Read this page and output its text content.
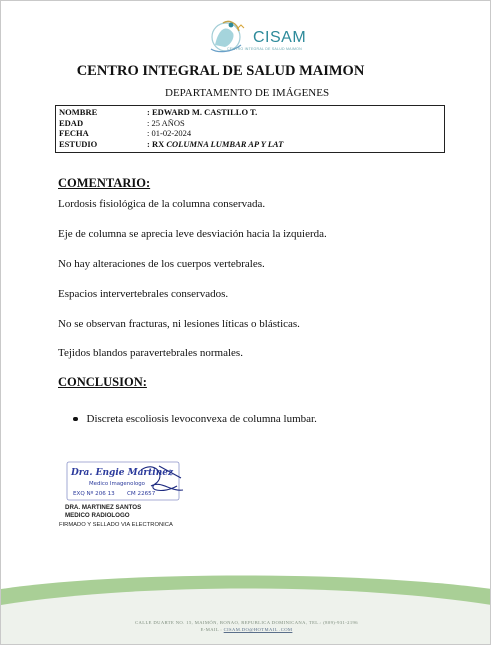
CISAM
CENTRO INTEGRAL DE SALUD MAIMON
CENTRO INTEGRAL DE SALUD MAIMON
DEPARTAMENTO DE IMÁGENES
NOMBRE	: EDWARD M. CASTILLO T.
EDAD	: 25 AÑOS
FECHA	: 01-02-2024
ESTUDIO	: RX COLUMNA LUMBAR AP Y LAT
COMENTARIO:
Lordosis fisiológica de la columna conservada.
Eje de columna se aprecia leve desviación hacia la izquierda.
No hay alteraciones de los cuerpos vertebrales.
Espacios intervertebrales conservados.
No se observan fracturas, ni lesiones líticas o blásticas.
Tejidos blandos paravertebrales normales.
CONCLUSION:
Discreta escoliosis levoconvexa de columna lumbar.
Dra. Engie Martinez
Medico Imagenologo
EXQ Nº 206 13 CM 22657
DRA. MARTINEZ SANTOS
MEDICO RADIOLOGO
FIRMADO Y SELLADO VIA ELECTRONICA
CALLE DUARTE NO. 15, MAIMÓN, BONAO, REPUBLICA DOMINICANA, TEL.: (809)-931-2196
E-MAIL : CISAM.DO@HOTMAIL .COM
